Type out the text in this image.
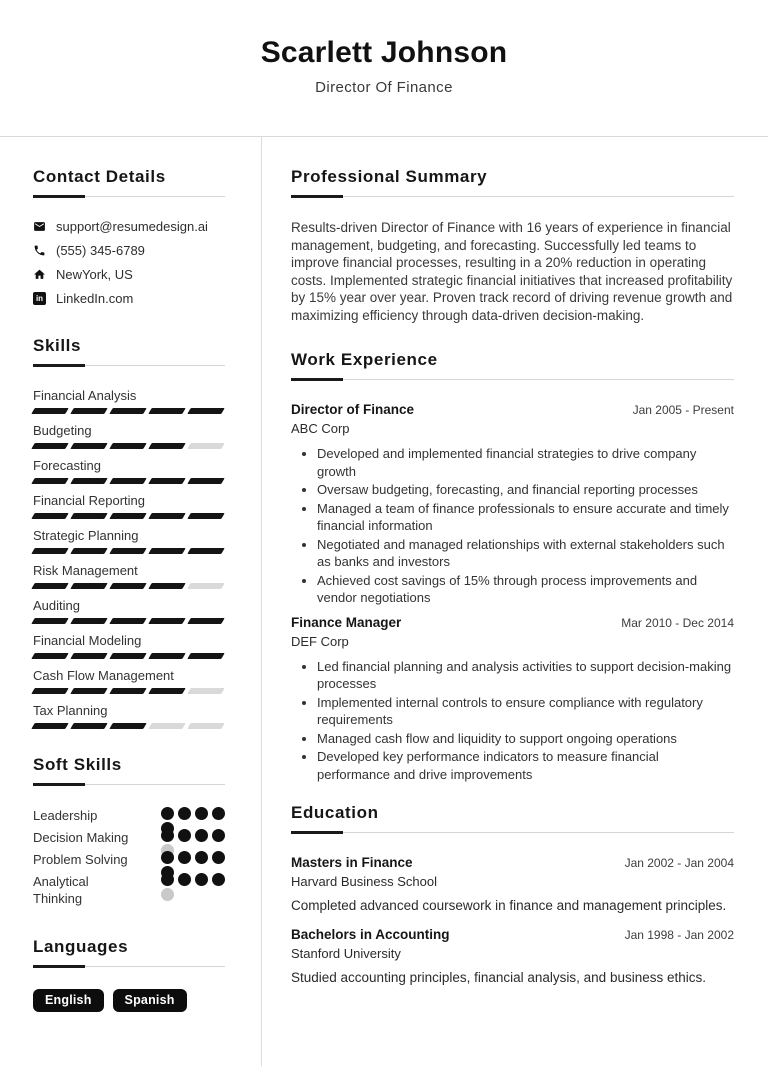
Scarlett Johnson
Director Of Finance
Contact Details
support@resumedesign.ai
(555) 345-6789
NewYork, US
in LinkedIn.com
Skills
Financial Analysis
Budgeting
Forecasting
Financial Reporting
Strategic Planning
Risk Management
Auditing
Financial Modeling
Cash Flow Management
Tax Planning
Soft Skills
Leadership
Decision Making
Problem Solving
Analytical Thinking
Languages
English	Spanish
Professional Summary

Results-driven Director of Finance with 16 years of experience in financial management, budgeting, and forecasting. Successfully led teams to improve financial processes, resulting in a 20% reduction in operating costs. Implemented strategic financial initiatives that increased profitability by 15% year over year. Proven track record of driving revenue growth and maximizing efficiency through data-driven decision-making.

Work Experience
Director of Finance	Jan 2005 - Present
ABC Corp
• Developed and implemented financial strategies to drive company growth
• Oversaw budgeting, forecasting, and financial reporting processes
• Managed a team of finance professionals to ensure accurate and timely financial information
• Negotiated and managed relationships with external stakeholders such as banks and investors
• Achieved cost savings of 15% through process improvements and vendor negotiations
Finance Manager	Mar 2010 - Dec 2014
DEF Corp
• Led financial planning and analysis activities to support decision-making processes
• Implemented internal controls to ensure compliance with regulatory requirements
• Managed cash flow and liquidity to support ongoing operations
• Developed key performance indicators to measure financial performance and drive improvements
Education
Masters in Finance	Jan 2002 - Jan 2004
Harvard Business School
Completed advanced coursework in finance and management principles.
Bachelors in Accounting	Jan 1998 - Jan 2002
Stanford University
Studied accounting principles, financial analysis, and business ethics.
